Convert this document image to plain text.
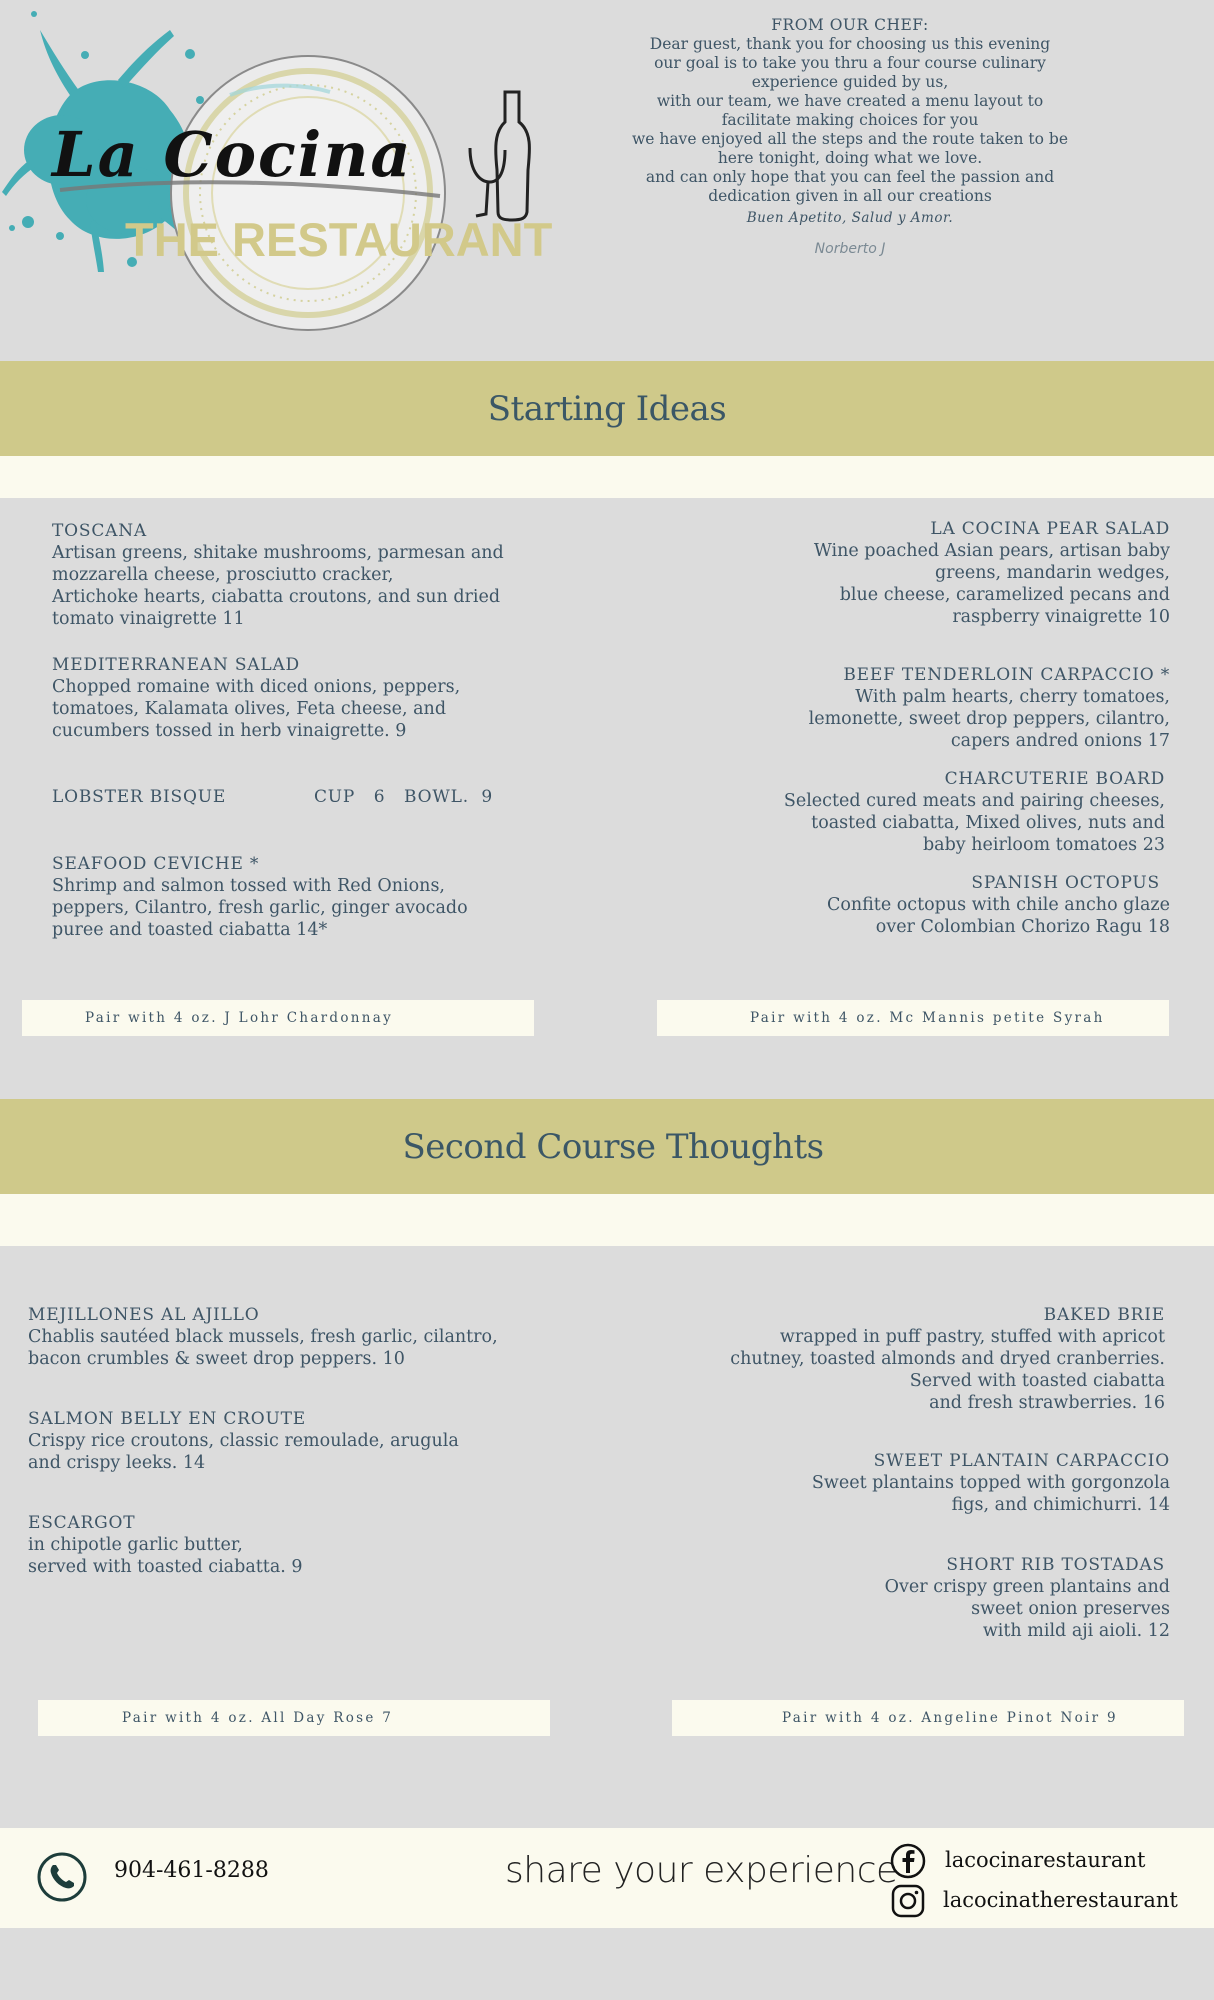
La Cocina
THE RESTAURANT
FROM OUR CHEF:
Dear guest, thank you for choosing us this evening
our goal is to take you thru a four course culinary
experience guided by us,
with our team, we have created a menu layout to
facilitate making choices for you
we have enjoyed all the steps and the route taken to be
here tonight, doing what we love.
and can only hope that you can feel the passion and
dedication given in all our creations
Buen Apetito, Salud y Amor.
Norberto J
Starting Ideas
TOSCANA
Artisan greens, shitake mushrooms, parmesan and
mozzarella cheese, prosciutto cracker,
Artichoke hearts, ciabatta croutons, and sun dried
tomato vinaigrette 11
MEDITERRANEAN SALAD
Chopped romaine with diced onions, peppers,
tomatoes, Kalamata olives, Feta cheese, and
cucumbers tossed in herb vinaigrette. 9
LOBSTER BISQUE	CUP   6 BOWL.  9
SEAFOOD CEVICHE *
Shrimp and salmon tossed with Red Onions,
peppers, Cilantro, fresh garlic, ginger avocado
puree and toasted ciabatta 14*
LA COCINA PEAR SALAD
Wine poached Asian pears, artisan baby
greens, mandarin wedges,
blue cheese, caramelized pecans and
raspberry vinaigrette 10
BEEF TENDERLOIN CARPACCIO *
With palm hearts, cherry tomatoes,
lemonette, sweet drop peppers, cilantro,
capers andred onions 17
CHARCUTERIE BOARD
Selected cured meats and pairing cheeses,
toasted ciabatta, Mixed olives, nuts and
baby heirloom tomatoes 23
SPANISH OCTOPUS
Confite octopus with chile ancho glaze
over Colombian Chorizo Ragu 18
Pair with 4 oz. J Lohr Chardonnay	Pair with 4 oz. Mc Mannis petite Syrah
Second Course Thoughts
MEJILLONES AL AJILLO
Chablis sautéed black mussels, fresh garlic, cilantro,
bacon crumbles & sweet drop peppers. 10
SALMON BELLY EN CROUTE
Crispy rice croutons, classic remoulade, arugula
and crispy leeks. 14
ESCARGOT
in chipotle garlic butter,
served with toasted ciabatta. 9
BAKED BRIE
wrapped in puff pastry, stuffed with apricot
chutney, toasted almonds and dryed cranberries.
Served with toasted ciabatta
and fresh strawberries. 16
SWEET PLANTAIN CARPACCIO
Sweet plantains topped with gorgonzola
figs, and chimichurri. 14
SHORT RIB TOSTADAS
Over crispy green plantains and
sweet onion preserves
with mild aji aioli. 12
Pair with 4 oz. All Day Rose 7	Pair with 4 oz. Angeline Pinot Noir 9
904-461-8288	share your experience lacocinarestaurant
lacocinatherestaurant
